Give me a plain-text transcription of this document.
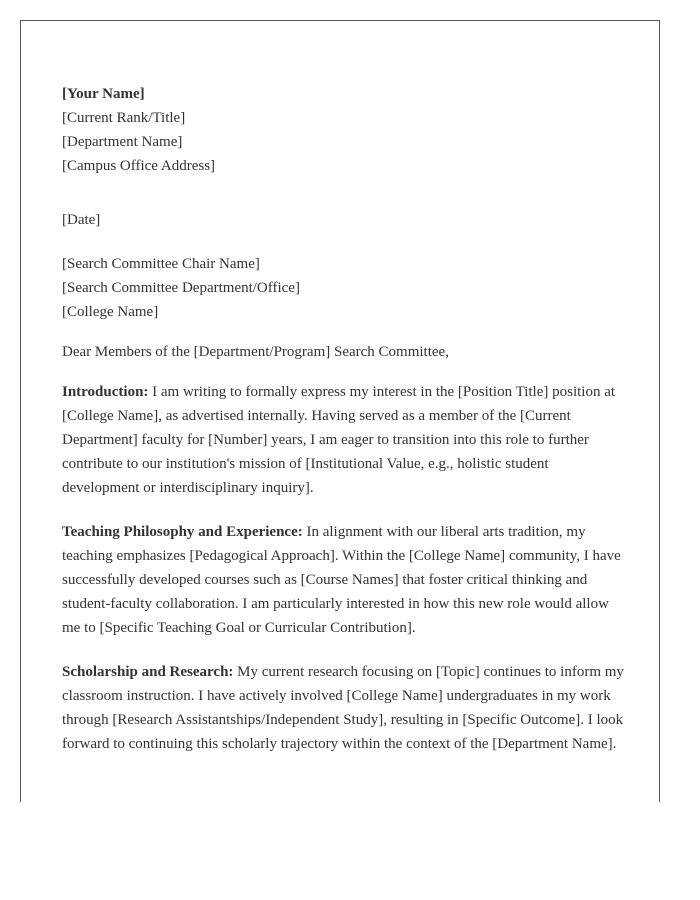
[Your Name]
[Current Rank/Title]
[Department Name]
[Campus Office Address]
[Date]
[Search Committee Chair Name]
[Search Committee Department/Office]
[College Name]
Dear Members of the [Department/Program] Search Committee,

Introduction: I am writing to formally express my interest in the [Position Title] position at [College Name], as advertised internally. Having served as a member of the [Current Department] faculty for [Number] years, I am eager to transition into this role to further contribute to our institution's mission of [Institutional Value, e.g., holistic student development or interdisciplinary inquiry].

Teaching Philosophy and Experience: In alignment with our liberal arts tradition, my teaching emphasizes [Pedagogical Approach]. Within the [College Name] community, I have successfully developed courses such as [Course Names] that foster critical thinking and student-faculty collaboration. I am particularly interested in how this new role would allow me to [Specific Teaching Goal or Curricular Contribution].

Scholarship and Research: My current research focusing on [Topic] continues to inform my classroom instruction. I have actively involved [College Name] undergraduates in my work through [Research Assistantships/Independent Study], resulting in [Specific Outcome]. I look forward to continuing this scholarly trajectory within the context of the [Department Name].
